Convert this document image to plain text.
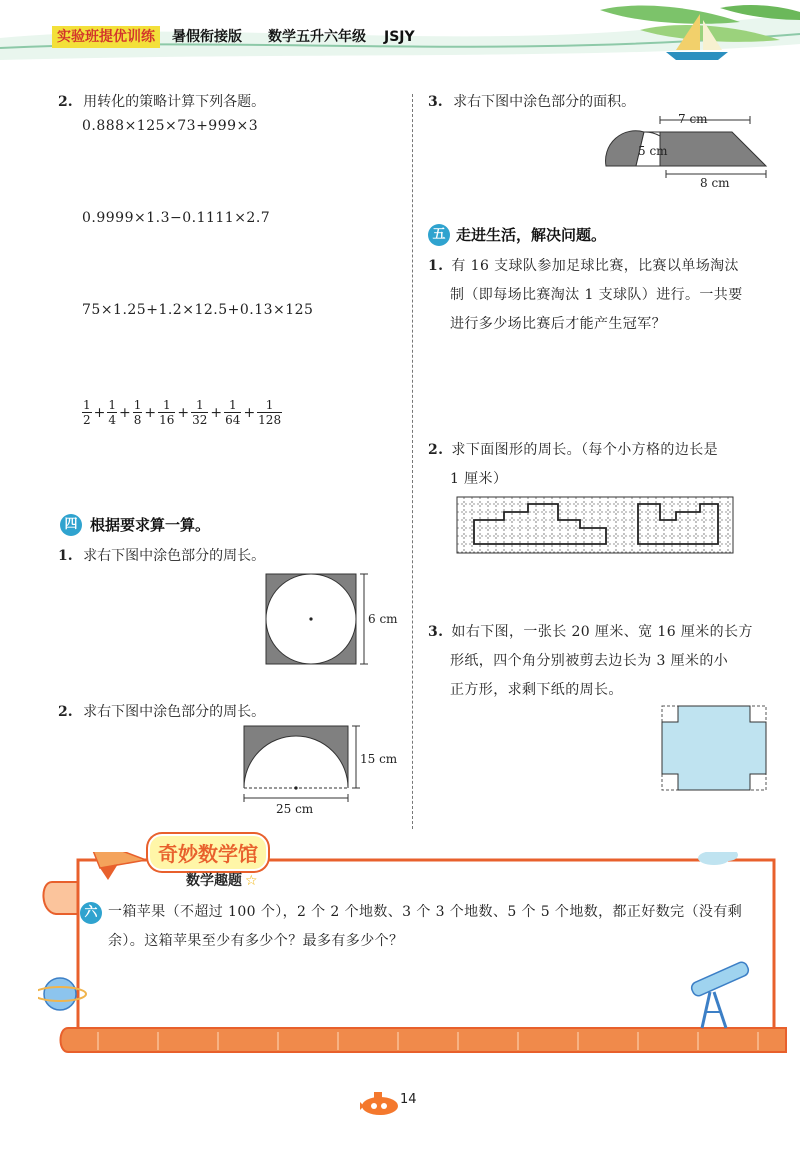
实验班提优训练	暑假衔接版 数学五升六年级 JSJY
2. 用转化的策略计算下列各题。
0.888×125×73+999×3
0.9999×1.3−0.1111×2.7
75×1.25+1.2×12.5+0.13×125
$\frac{1}{2} + \frac{1}{4} + \frac{1}{8} + \frac{1}{16} + \frac{1}{32} + \frac{1}{64} + \frac{1}{128}$
四 根据要求算一算。
1. 求右下图中涂色部分的周长。
6 cm
2. 求右下图中涂色部分的周长。
15 cm
25 cm
3. 求右下图中涂色部分的面积。
7 cm
5 cm
8 cm
五 走进生活，解决问题。
1. 有 16 支球队参加足球比赛，比赛以单场淘汰
制（即每场比赛淘汰 1 支球队）进行。一共要
进行多少场比赛后才能产生冠军？
2. 求下面图形的周长。（每个小方格的边长是
1 厘米）
3. 如右下图，一张长 20 厘米、宽 16 厘米的长方
形纸，四个角分别被剪去边长为 3 厘米的小
正方形，求剩下纸的周长。
奇妙数学馆
数学趣题 ☆
六 一箱苹果（不超过 100 个），2 个 2 个地数、3 个 3 个地数、5 个 5 个地数，都正好数完（没有剩
余）。这箱苹果至少有多少个？最多有多少个？
14
